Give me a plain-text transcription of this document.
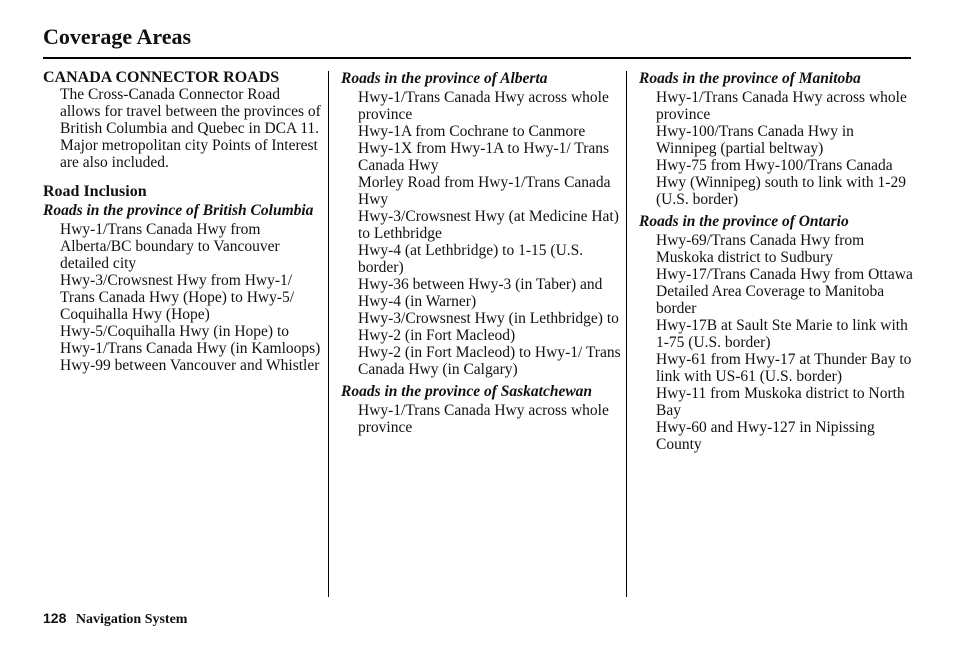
Coverage Areas
CANADA CONNECTOR ROADS
The Cross-Canada Connector Road allows for travel between the provinces of British Columbia and Quebec in DCA 11. Major metropolitan city Points of Interest are also included.
Road Inclusion
Roads in the province of British Columbia
Hwy-1/Trans Canada Hwy from Alberta/BC boundary to Vancouver detailed city
Hwy-3/Crowsnest Hwy from Hwy-1/ Trans Canada Hwy (Hope) to Hwy-5/ Coquihalla Hwy (Hope)
Hwy-5/Coquihalla Hwy (in Hope) to Hwy-1/Trans Canada Hwy (in Kamloops)
Hwy-99 between Vancouver and Whistler
Roads in the province of Alberta
Hwy-1/Trans Canada Hwy across whole province
Hwy-1A from Cochrane to Canmore
Hwy-1X from Hwy-1A to Hwy-1/ Trans Canada Hwy
Morley Road from Hwy-1/Trans Canada Hwy
Hwy-3/Crowsnest Hwy (at Medicine Hat) to Lethbridge
Hwy-4 (at Lethbridge) to 1-15 (U.S. border)
Hwy-36 between Hwy-3 (in Taber) and Hwy-4 (in Warner)
Hwy-3/Crowsnest Hwy (in Lethbridge) to Hwy-2 (in Fort Macleod)
Hwy-2 (in Fort Macleod) to Hwy-1/ Trans Canada Hwy (in Calgary)
Roads in the province of Saskatchewan
Hwy-1/Trans Canada Hwy across whole province
Roads in the province of Manitoba
Hwy-1/Trans Canada Hwy across whole province
Hwy-100/Trans Canada Hwy in Winnipeg (partial beltway)
Hwy-75 from Hwy-100/Trans Canada Hwy (Winnipeg) south to link with 1-29 (U.S. border)
Roads in the province of Ontario
Hwy-69/Trans Canada Hwy from Muskoka district to Sudbury
Hwy-17/Trans Canada Hwy from Ottawa Detailed Area Coverage to Manitoba border
Hwy-17B at Sault Ste Marie to link with 1-75 (U.S. border)
Hwy-61 from Hwy-17 at Thunder Bay to link with US-61 (U.S. border)
Hwy-11 from Muskoka district to North Bay
Hwy-60 and Hwy-127 in Nipissing County
128 Navigation System
